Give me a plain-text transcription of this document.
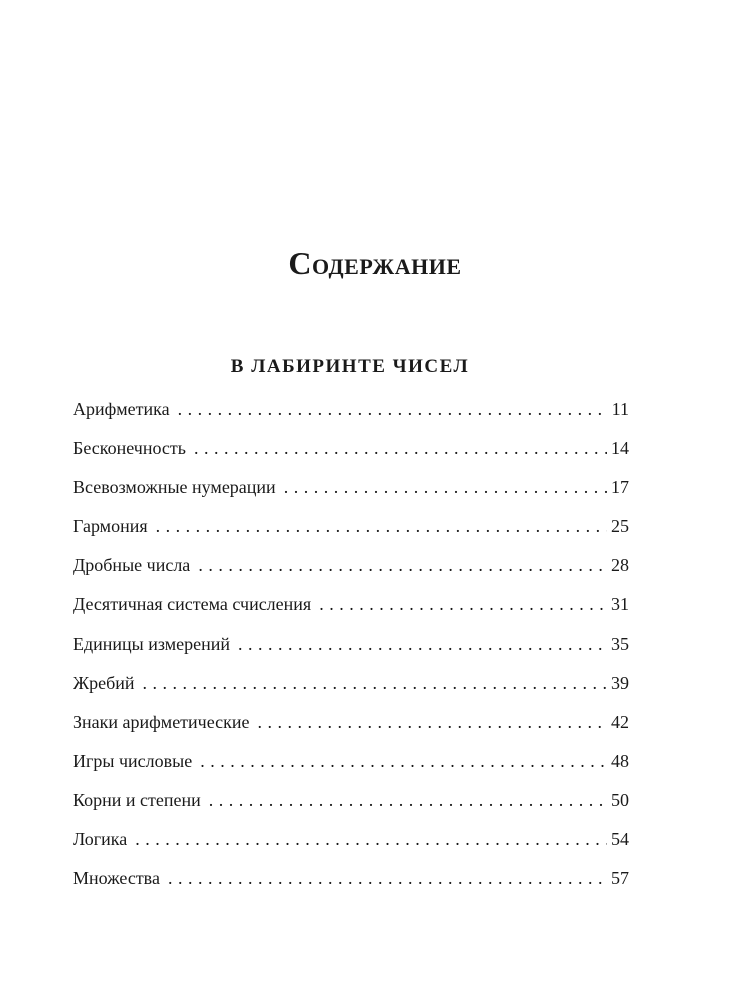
Содержание
В ЛАБИРИНТЕ ЧИСЕЛ
Арифметика . . .	11
Бесконечность . . .	14
Всевозможные нумерации . . .	17
Гармония . . .	25
Дробные числа . . .	28
Десятичная система счисления . . .	31
Единицы измерений . . .	35
Жребий . . .	39
Знаки арифметические . . .	42
Игры числовые . . .	48
Корни и степени . . .	50
Логика . . .	54
Множества . . .	57
